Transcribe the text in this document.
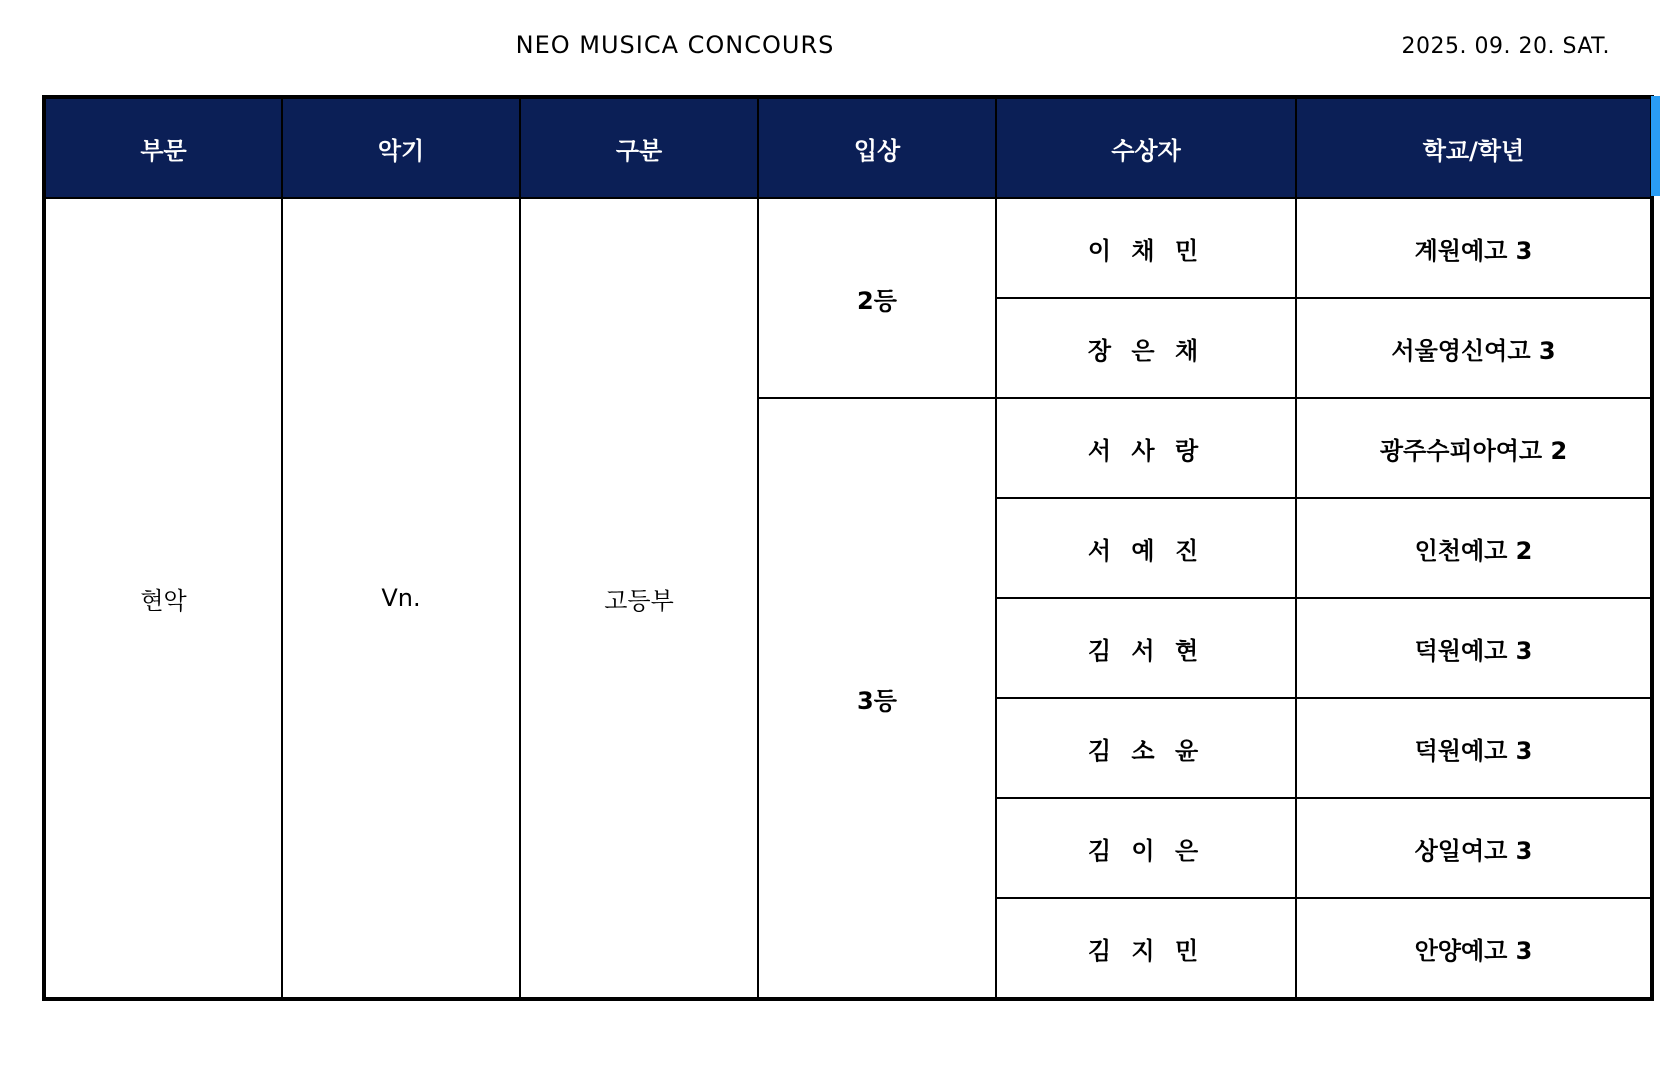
NEO MUSICA CONCOURS	2025. 09. 20. SAT.
부문	악기	구분	입상	수상자	학교/학년
현악	Vn.	고등부	2등	이 채 민	계원예고 3
				장 은 채	서울영신여고 3
			3등	서 사 랑	광주수피아여고 2
				서 예 진	인천예고 2
				김 서 현	덕원예고 3
				김 소 윤	덕원예고 3
				김 이 은	상일여고 3
				김 지 민	안양예고 3
